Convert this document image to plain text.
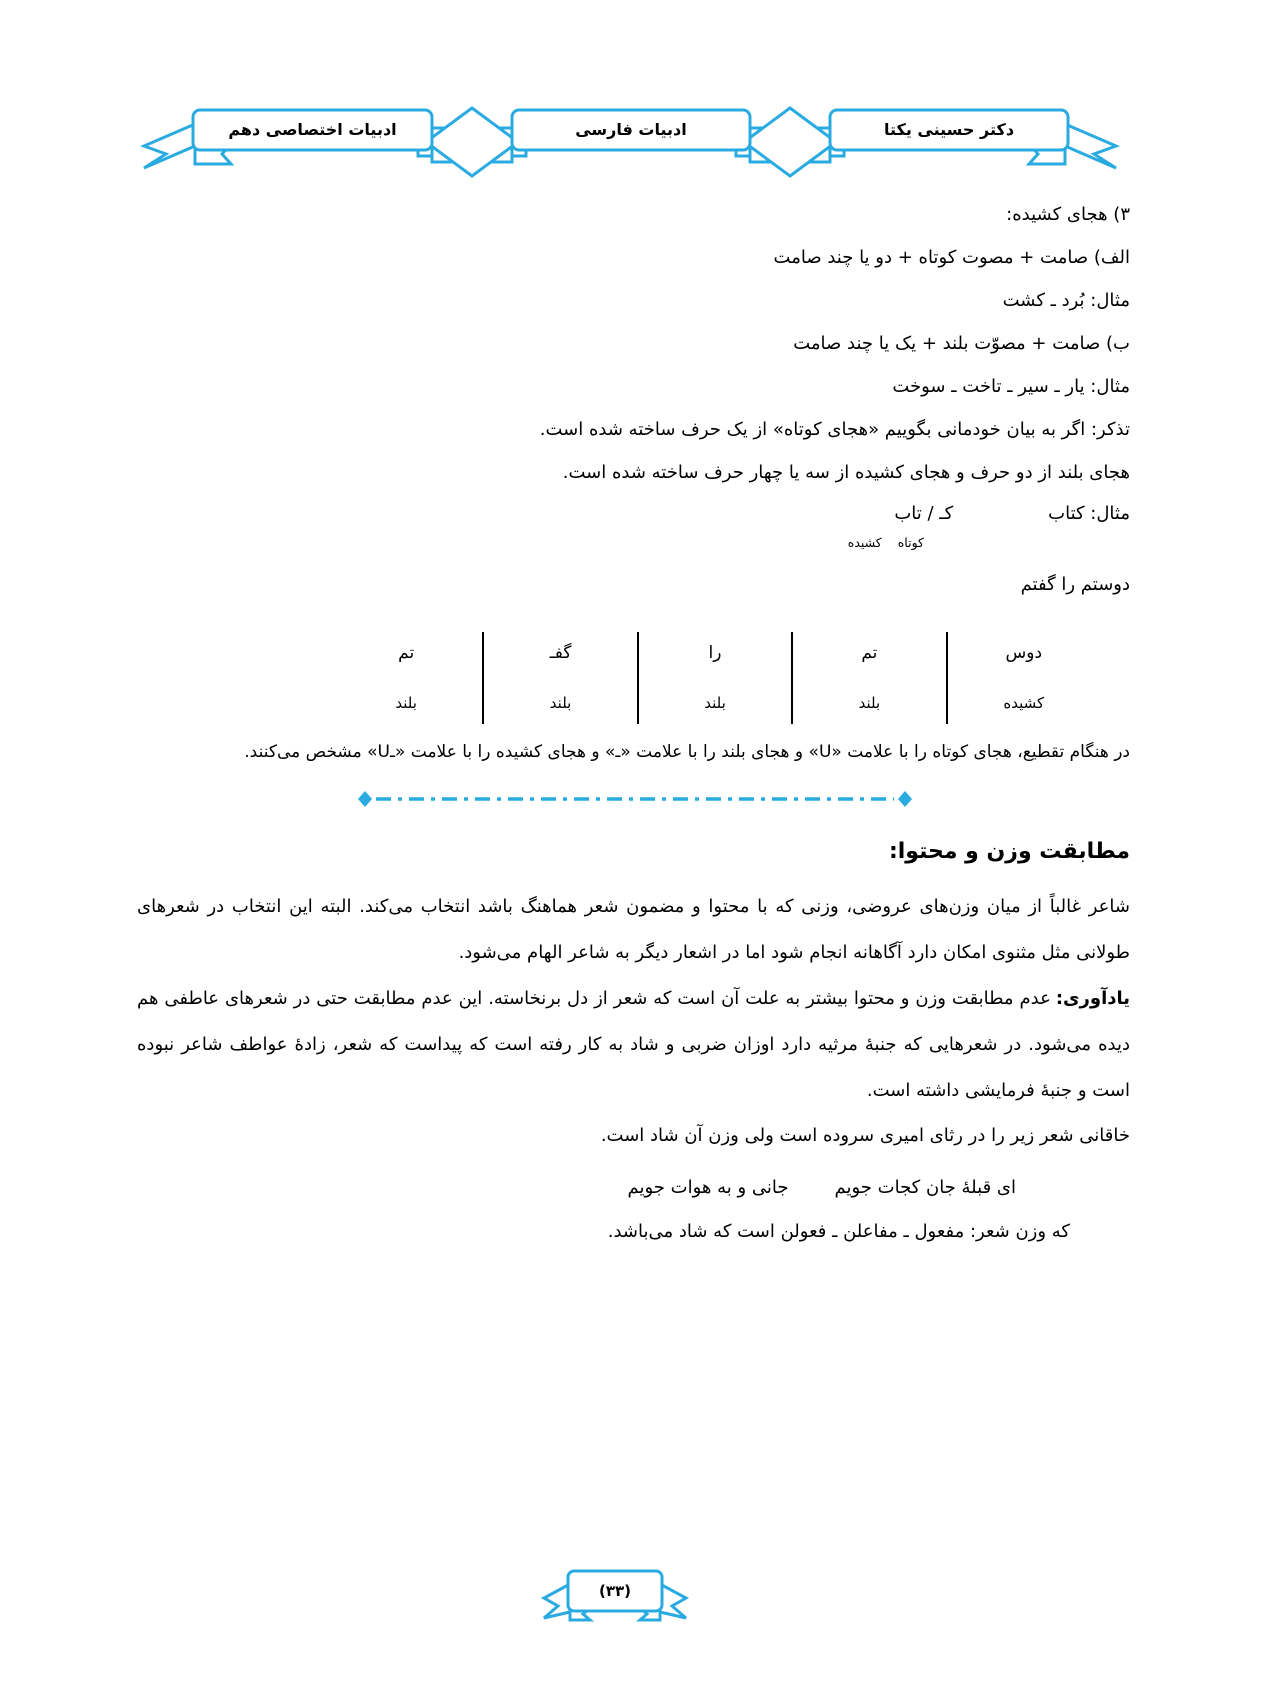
دکتر حسینی یکتا
ادبیات فارسی
ادبیات اختصاصی دهم
۳) هجای کشیده:
الف) صامت + مصوت کوتاه + دو یا چند صامت
مثال: بُرد ـ کشت
ب) صامت + مصوّت بلند + یک یا چند صامت
مثال: یار ـ سیر ـ تاخت ـ سوخت
تذکر: اگر به بیان خودمانی بگوییم «هجای کوتاه» از یک حرف ساخته شده است.
هجای بلند از دو حرف و هجای کشیده از سه یا چهار حرف ساخته شده است.
مثال: کتاب
کـ / تاب
کوتاه
کشیده
دوستم را گفتم
دوس
کشیده
تم
بلند
را
بلند
گفـ
بلند
تم
بلند
در هنگام تقطیع، هجای کوتاه را با علامت «U» و هجای بلند را با علامت «ـ» و هجای کشیده را با علامت «ـU» مشخص می‌کنند.
مطابقت وزن و محتوا:
شاعر غالباً از میان وزن‌های عروضی، وزنی که با محتوا و مضمون شعر هماهنگ باشد انتخاب می‌کند. البته این انتخاب در شعرهای طولانی مثل مثنوی امکان دارد آگاهانه انجام شود اما در اشعار دیگر به شاعر الهام می‌شود.
یادآوری:عدم مطابقت وزن و محتوا بیشتر به علت آن است که شعر از دل برنخاسته. این عدم مطابقت حتی در شعرهای عاطفی هم دیده می‌شود. در شعرهایی که جنبهٔ مرثیه دارد اوزان ضربی و شاد به کار رفته است که پیداست که شعر، زادهٔ عواطف شاعر نبوده است و جنبهٔ فرمایشی داشته است.
خاقانی شعر زیر را در رثای امیری سروده است ولی وزن آن شاد است.
ای قبلهٔ جان کجات جویم
جانی و به هوات جویم
که وزن شعر: مفعول ـ مفاعلن ـ فعولن است که شاد می‌باشد.
(۳۳)
